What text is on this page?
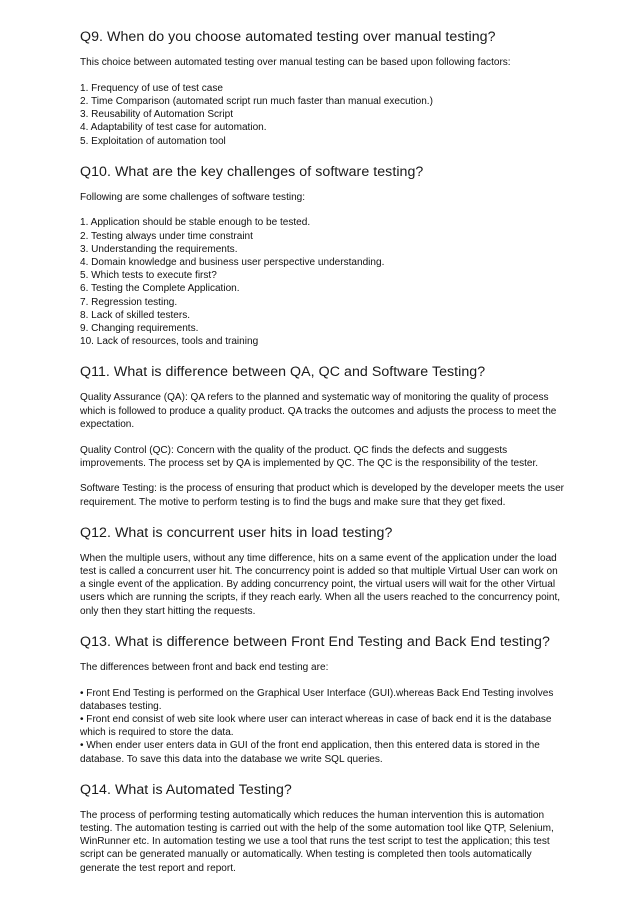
Q9. When do you choose automated testing over manual testing?

This choice between automated testing over manual testing can be based upon following factors:

1. Frequency of use of test case
2. Time Comparison (automated script run much faster than manual execution.)
3. Reusability of Automation Script
4. Adaptability of test case for automation.
5. Exploitation of automation tool
Q10. What are the key challenges of software testing?

Following are some challenges of software testing:

1. Application should be stable enough to be tested.
2. Testing always under time constraint
3. Understanding the requirements.
4. Domain knowledge and business user perspective understanding.
5. Which tests to execute first?
6. Testing the Complete Application.
7. Regression testing.
8. Lack of skilled testers.
9. Changing requirements.
10. Lack of resources, tools and training
Q11. What is difference between QA, QC and Software Testing?

Quality Assurance (QA): QA refers to the planned and systematic way of monitoring the quality of process which is followed to produce a quality product. QA tracks the outcomes and adjusts the process to meet the expectation.

Quality Control (QC): Concern with the quality of the product. QC finds the defects and suggests improvements. The process set by QA is implemented by QC. The QC is the responsibility of the tester.

Software Testing: is the process of ensuring that product which is developed by the developer meets the user requirement. The motive to perform testing is to find the bugs and make sure that they get fixed.

Q12. What is concurrent user hits in load testing?

When the multiple users, without any time difference, hits on a same event of the application under the load test is called a concurrent user hit. The concurrency point is added so that multiple Virtual User can work on a single event of the application. By adding concurrency point, the virtual users will wait for the other Virtual users which are running the scripts, if they reach early. When all the users reached to the concurrency point, only then they start hitting the requests.

Q13. What is difference between Front End Testing and Back End testing?

The differences between front and back end testing are:

• Front End Testing is performed on the Graphical User Interface (GUI).whereas Back End Testing involves databases testing.

• Front end consist of web site look where user can interact whereas in case of back end it is the database which is required to store the data.

• When ender user enters data in GUI of the front end application, then this entered data is stored in the database. To save this data into the database we write SQL queries.

Q14. What is Automated Testing?

The process of performing testing automatically which reduces the human intervention this is automation testing. The automation testing is carried out with the help of the some automation tool like QTP, Selenium, WinRunner etc. In automation testing we use a tool that runs the test script to test the application; this test script can be generated manually or automatically. When testing is completed then tools automatically generate the test report and report.
